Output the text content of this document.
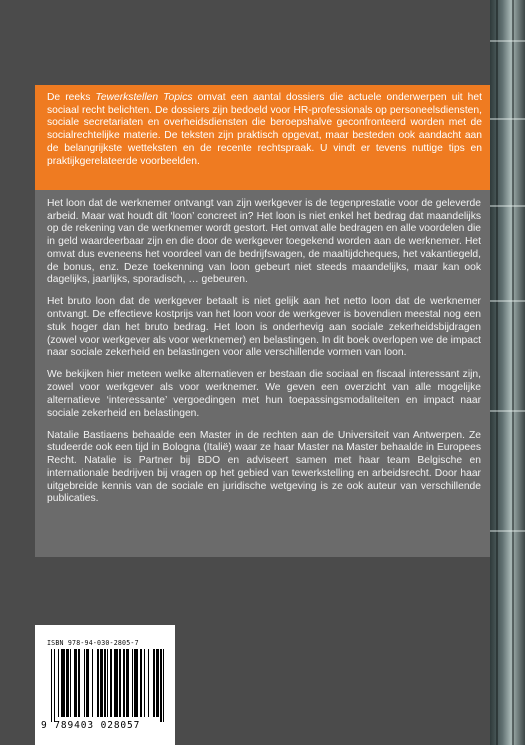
De reeks Tewerkstellen Topics omvat een aantal dossiers die actuele onderwerpen uit het sociaal recht belichten. De dossiers zijn bedoeld voor HR-professionals op personeelsdiensten, sociale secretariaten en overheidsdiensten die beroepshalve geconfronteerd worden met de socialrechtelijke materie. De teksten zijn praktisch opgevat, maar besteden ook aandacht aan de belangrijkste wetteksten en de recente rechtspraak. U vindt er tevens nuttige tips en praktijkgerelateerde voorbeelden.

Het loon dat de werknemer ontvangt van zijn werkgever is de tegenprestatie voor de geleverde arbeid. Maar wat houdt dit ‘loon’ concreet in? Het loon is niet enkel het bedrag dat maandelijks op de rekening van de werknemer wordt gestort. Het omvat alle bedragen en alle voordelen die in geld waardeerbaar zijn en die door de werkgever toegekend worden aan de werknemer. Het omvat dus eveneens het voordeel van de bedrijfswagen, de maaltijdcheques, het vakantiegeld, de bonus, enz. Deze toekenning van loon gebeurt niet steeds maandelijks, maar kan ook dagelijks, jaarlijks, sporadisch, … gebeuren.

Het bruto loon dat de werkgever betaalt is niet gelijk aan het netto loon dat de werknemer ontvangt. De effectieve kostprijs van het loon voor de werkgever is bovendien meestal nog een stuk hoger dan het bruto bedrag. Het loon is onderhevig aan sociale zekerheidsbijdragen (zowel voor werkgever als voor werknemer) en belastingen. In dit boek overlopen we de impact naar sociale zekerheid en belastingen voor alle verschillende vormen van loon.

We bekijken hier meteen welke alternatieven er bestaan die sociaal en fiscaal interessant zijn, zowel voor werkgever als voor werknemer. We geven een overzicht van alle mogelijke alternatieve ‘interessante’ vergoedingen met hun toepassingsmodaliteiten en impact naar sociale zekerheid en belastingen.

Natalie Bastiaens behaalde een Master in de rechten aan de Universiteit van Antwerpen. Ze studeerde ook een tijd in Bologna (Italië) waar ze haar Master na Master behaalde in Europees Recht. Natalie is Partner bij BDO en adviseert samen met haar team Belgische en internationale bedrijven bij vragen op het gebied van tewerkstelling en arbeidsrecht. Door haar uitgebreide kennis van de sociale en juridische wetgeving is ze ook auteur van verschillende publicaties.

ISBN 978-94-030-2805-7
9 789403 028057
